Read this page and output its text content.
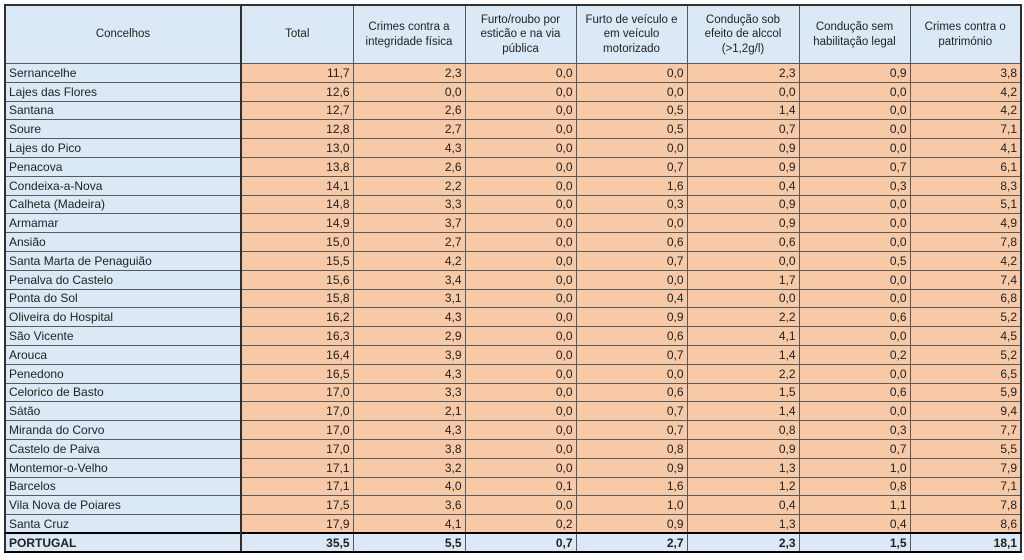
Concelhos	Total	Crimes contra a integridade física	Furto/roubo por esticão e na via pública	Furto de veículo e em veículo motorizado	Condução sob efeito de alccol (>1,2g/l)	Condução sem habilitação legal	Crimes contra o património
Sernancelhe	11,7	2,3	0,0	0,0	2,3	0,9	3,8
Lajes das Flores	12,6	0,0	0,0	0,0	0,0	0,0	4,2
Santana	12,7	2,6	0,0	0,5	1,4	0,0	4,2
Soure	12,8	2,7	0,0	0,5	0,7	0,0	7,1
Lajes do Pico	13,0	4,3	0,0	0,0	0,9	0,0	4,1
Penacova	13,8	2,6	0,0	0,7	0,9	0,7	6,1
Condeixa-a-Nova	14,1	2,2	0,0	1,6	0,4	0,3	8,3
Calheta (Madeira)	14,8	3,3	0,0	0,3	0,9	0,0	5,1
Armamar	14,9	3,7	0,0	0,0	0,9	0,0	4,9
Ansião	15,0	2,7	0,0	0,6	0,6	0,0	7,8
Santa Marta de Penaguião	15,5	4,2	0,0	0,7	0,0	0,5	4,2
Penalva do Castelo	15,6	3,4	0,0	0,0	1,7	0,0	7,4
Ponta do Sol	15,8	3,1	0,0	0,4	0,0	0,0	6,8
Oliveira do Hospital	16,2	4,3	0,0	0,9	2,2	0,6	5,2
São Vicente	16,3	2,9	0,0	0,6	4,1	0,0	4,5
Arouca	16,4	3,9	0,0	0,7	1,4	0,2	5,2
Penedono	16,5	4,3	0,0	0,0	2,2	0,0	6,5
Celorico de Basto	17,0	3,3	0,0	0,6	1,5	0,6	5,9
Sátão	17,0	2,1	0,0	0,7	1,4	0,0	9,4
Miranda do Corvo	17,0	4,3	0,0	0,7	0,8	0,3	7,7
Castelo de Paiva	17,0	3,8	0,0	0,8	0,9	0,7	5,5
Montemor-o-Velho	17,1	3,2	0,0	0,9	1,3	1,0	7,9
Barcelos	17,1	4,0	0,1	1,6	1,2	0,8	7,1
Vila Nova de Poiares	17,5	3,6	0,0	1,0	0,4	1,1	7,8
Santa Cruz	17,9	4,1	0,2	0,9	1,3	0,4	8,6
PORTUGAL	35,5	5,5	0,7	2,7	2,3	1,5	18,1
